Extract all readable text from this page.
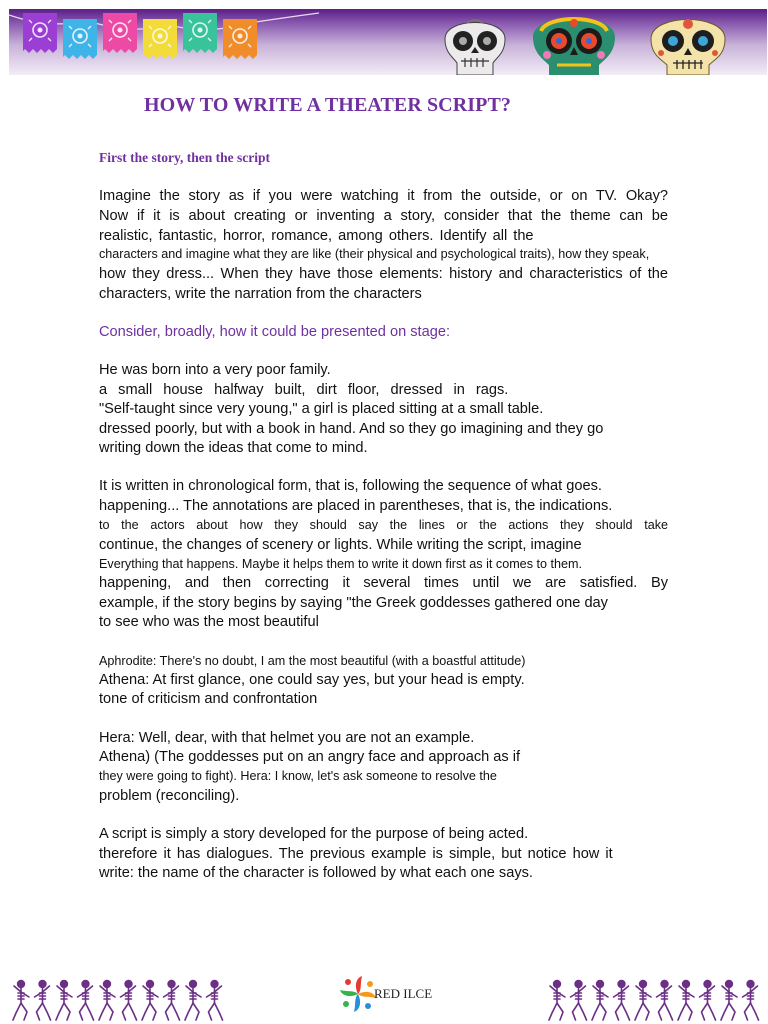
HOW TO WRITE A THEATER SCRIPT?
First the story, then the script

Imagine the story as if you were watching it from the outside, or on TV. Okay?

Now if it is about creating or inventing a story, consider that the theme can be

realistic, fantastic, horror, romance, among others. Identify all the

characters and imagine what they are like (their physical and psychological traits), how they speak,

how they dress... When they have those elements: history and characteristics of the

characters, write the narration from the characters

Consider, broadly, how it could be presented on stage:

He was born into a very poor family.

a small house halfway built, dirt floor, dressed in rags.

"Self-taught since very young," a girl is placed sitting at a small table.

dressed poorly, but with a book in hand. And so they go imagining and they go

writing down the ideas that come to mind.

It is written in chronological form, that is, following the sequence of what goes.

happening... The annotations are placed in parentheses, that is, the indications.

to the actors about how they should say the lines or the actions they should take

continue, the changes of scenery or lights. While writing the script, imagine

Everything that happens. Maybe it helps them to write it down first as it comes to them.

happening, and then correcting it several times until we are satisfied. By

example, if the story begins by saying "the Greek goddesses gathered one day

to see who was the most beautiful

Aphrodite: There's no doubt, I am the most beautiful (with a boastful attitude)

Athena: At first glance, one could say yes, but your head is empty.

tone of criticism and confrontation

Hera: Well, dear, with that helmet you are not an example.

Athena) (The goddesses put on an angry face and approach as if

they were going to fight). Hera: I know, let's ask someone to resolve the

problem (reconciling).

A script is simply a story developed for the purpose of being acted.

therefore it has dialogues. The previous example is simple, but notice how it

write: the name of the character is followed by what each one says.

RED ILCE
